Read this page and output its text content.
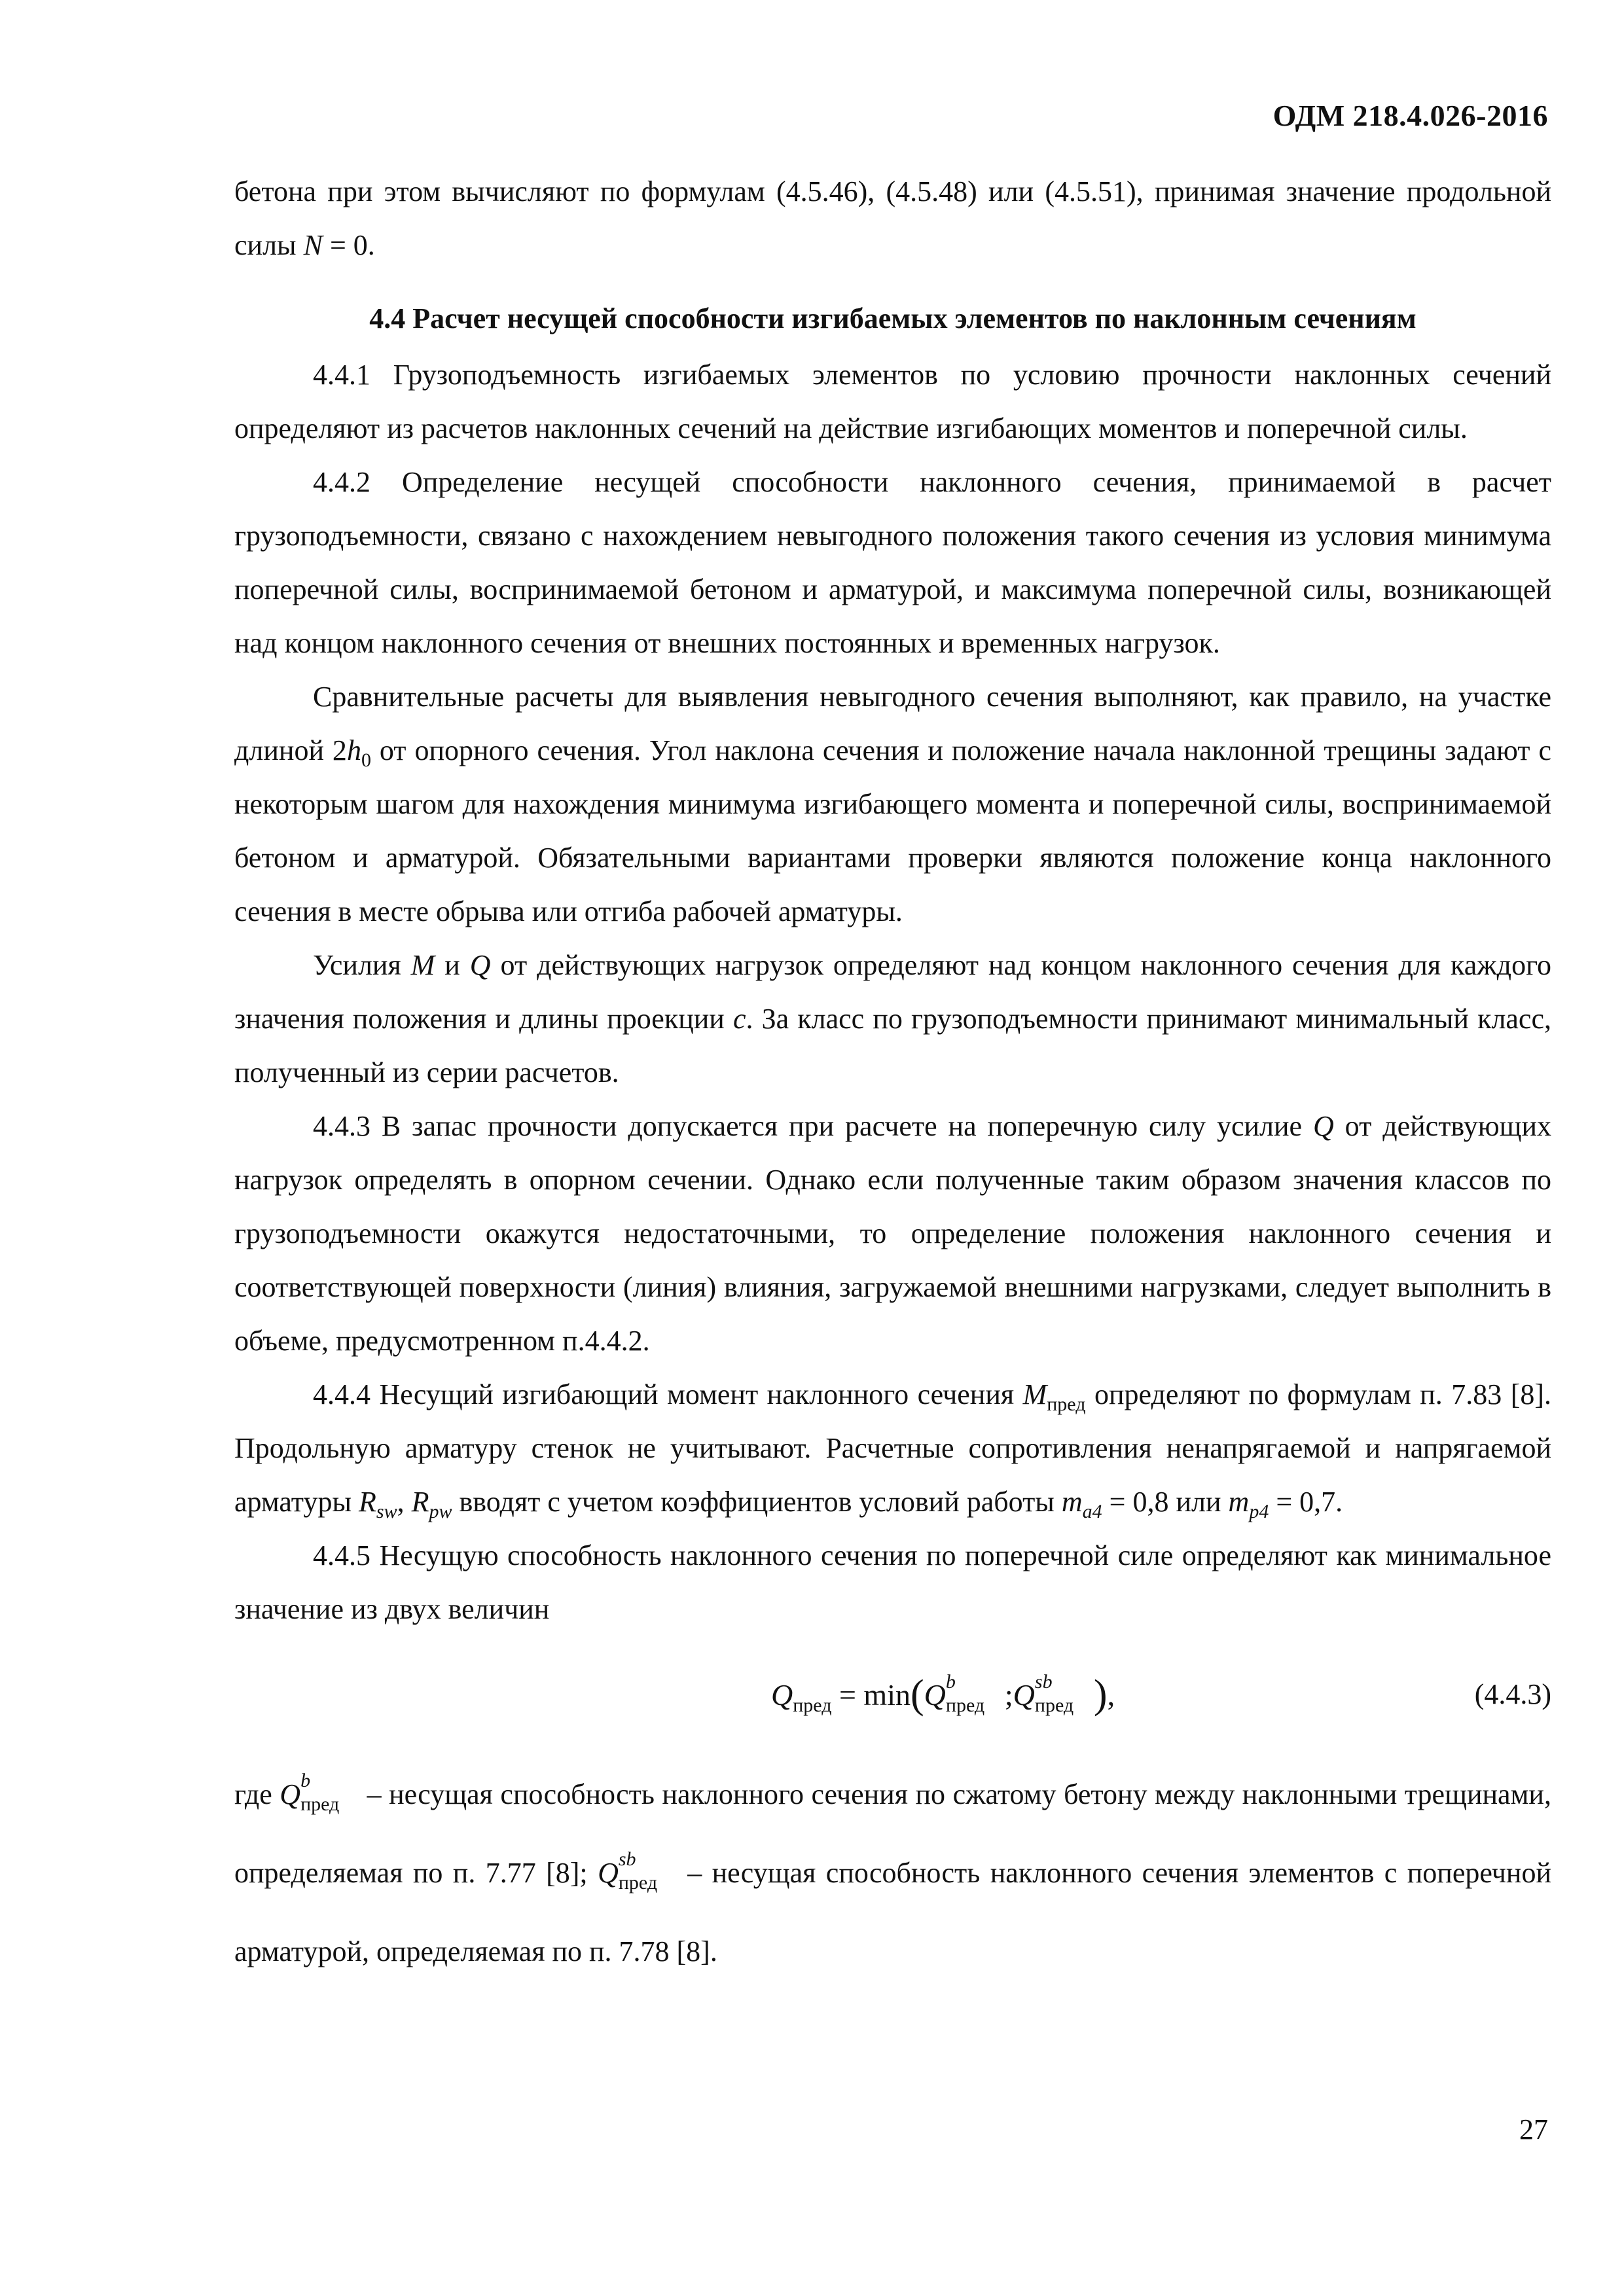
ОДМ 218.4.026-2016

бетона при этом вычисляют по формулам (4.5.46), (4.5.48) или (4.5.51), принимая значение продольной силы N = 0.

4.4 Расчет несущей способности изгибаемых элементов по наклонным сечениям

4.4.1 Грузоподъемность изгибаемых элементов по условию прочности наклонных сечений определяют из расчетов наклонных сечений на действие изгибающих моментов и поперечной силы.

4.4.2 Определение несущей способности наклонного сечения, принимаемой в расчет грузоподъемности, связано с нахождением невыгодного положения такого сечения из условия минимума поперечной силы, воспринимаемой бетоном и арматурой, и максимума поперечной силы, возникающей над концом наклонного сечения от внешних постоянных и временных нагрузок.

Сравнительные расчеты для выявления невыгодного сечения выполняют, как правило, на участке длиной $2h_0$ от опорного сечения. Угол наклона сечения и положение начала наклонной трещины задают с некоторым шагом для нахождения минимума изгибающего момента и поперечной силы, воспринимаемой бетоном и арматурой. Обязательными вариантами проверки являются положение конца наклонного сечения в месте обрыва или отгиба рабочей арматуры.

Усилия M и Q от действующих нагрузок определяют над концом наклонного сечения для каждого значения положения и длины проекции c. За класс по грузоподъемности принимают минимальный класс, полученный из серии расчетов.

4.4.3 В запас прочности допускается при расчете на поперечную силу усилие Q от действующих нагрузок определять в опорном сечении. Однако если полученные таким образом значения классов по грузоподъемности окажутся недостаточными, то определение положения наклонного сечения и соответствующей поверхности (линия) влияния, загружаемой внешними нагрузками, следует выполнить в объеме, предусмотренном п.4.4.2.

4.4.4 Несущий изгибающий момент наклонного сечения $M_{пред}$ определяют по формулам п. 7.83 [8]. Продольную арматуру стенок не учитывают. Расчетные сопротивления ненапрягаемой и напрягаемой арматуры $R_{sw}$, $R_{pw}$ вводят с учетом коэффициентов условий работы $m_{a4} = 0,8$ или $m_{p4} = 0,7$.

4.4.5 Несущую способность наклонного сечения по поперечной силе определяют как минимальное значение из двух величин

$Q_{пред} = \min(Q$ b
пред ;Q sb
пред ),	(4.4.3)

где Q b
пред – несущая способность наклонного сечения по сжатому бетону между наклонными трещинами, определяемая по п. 7.77 [8]; Q sb
пред – несущая способность наклонного сечения элементов с поперечной арматурой, определяемая по п. 7.78 [8].

27
